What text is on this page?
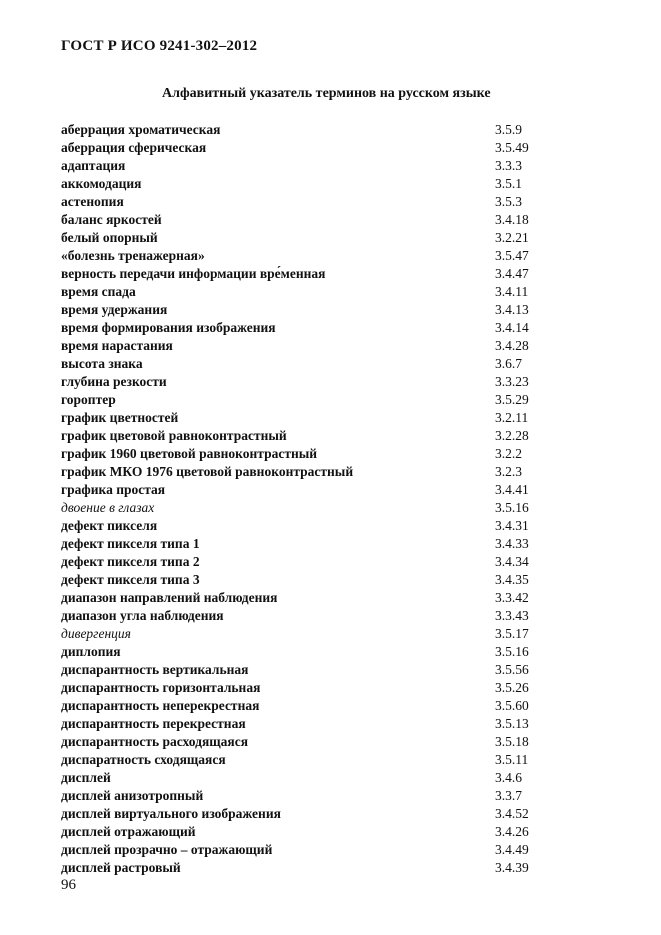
ГОСТ Р ИСО 9241-302–2012
Алфавитный указатель терминов на русском языке
аберрация хроматическая	3.5.9
аберрация сферическая	3.5.49
адаптация	3.3.3
аккомодация	3.5.1
астенопия	3.5.3
баланс яркостей	3.4.18
белый опорный	3.2.21
«болезнь тренажерная»	3.5.47
верность передачи информации вре́менная	3.4.47
время спада	3.4.11
время удержания	3.4.13
время формирования изображения	3.4.14
время нарастания	3.4.28
высота знака	3.6.7
глубина резкости	3.3.23
гороптер	3.5.29
график цветностей	3.2.11
график цветовой равноконтрастный	3.2.28
график 1960 цветовой равноконтрастный	3.2.2
график МКО 1976 цветовой равноконтрастный	3.2.3
графика простая	3.4.41
двоение в глазах	3.5.16
дефект пикселя	3.4.31
дефект пикселя типа 1	3.4.33
дефект пикселя типа 2	3.4.34
дефект пикселя типа 3	3.4.35
диапазон направлений наблюдения	3.3.42
диапазон угла наблюдения	3.3.43
дивергенция	3.5.17
диплопия	3.5.16
диспарантность вертикальная	3.5.56
диспарантность горизонтальная	3.5.26
диспарантность неперекрестная	3.5.60
диспарантность перекрестная	3.5.13
диспарантность расходящаяся	3.5.18
диспаратность сходящаяся	3.5.11
дисплей	3.4.6
дисплей анизотропный	3.3.7
дисплей виртуального изображения	3.4.52
дисплей отражающий	3.4.26
дисплей прозрачно – отражающий	3.4.49
дисплей растровый	3.4.39
96
